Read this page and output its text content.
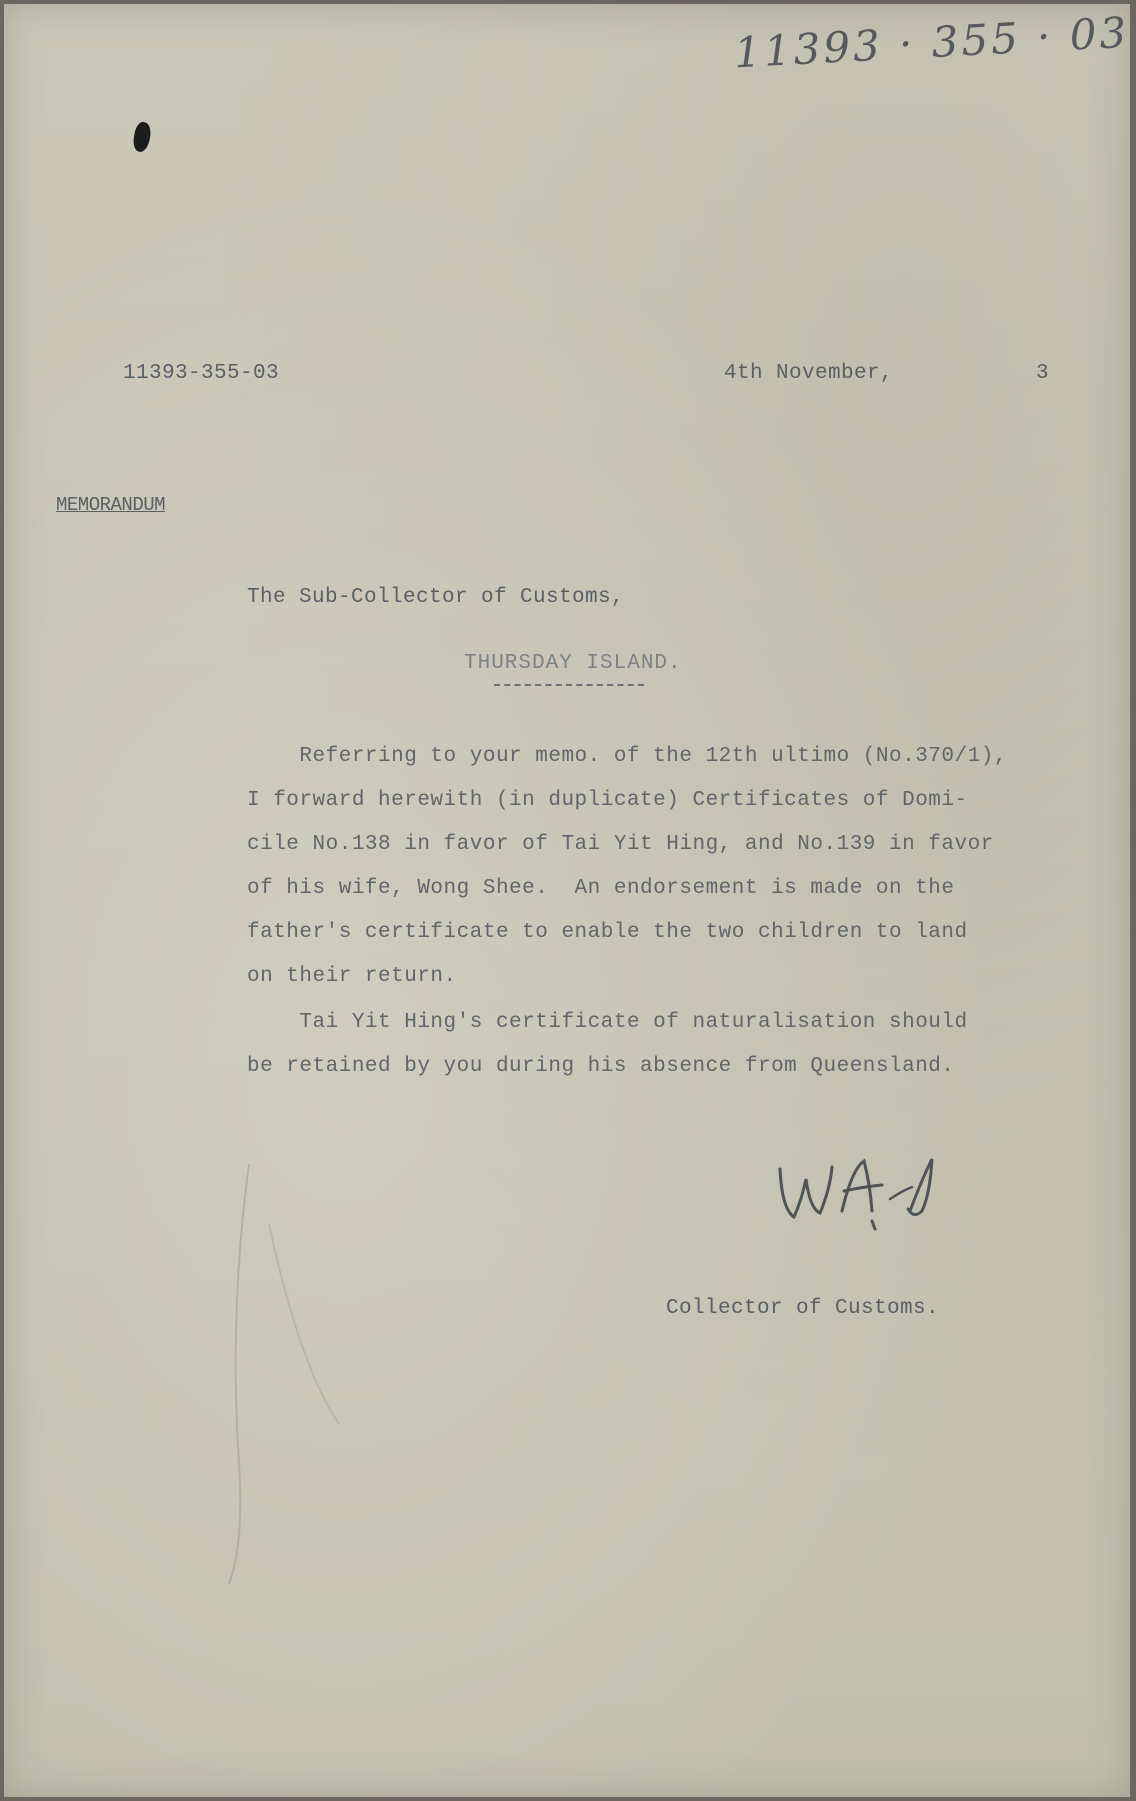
11393 · 355 · 03
11393-355-03	4th November,	3
MEMORANDUM
The Sub-Collector of Customs,
THURSDAY ISLAND.
Referring to your memo. of the 12th ultimo (No.370/1),
I forward herewith (in duplicate) Certificates of Domi-
cile No.138 in favor of Tai Yit Hing, and No.139 in favor
of his wife, Wong Shee.  An endorsement is made on the
father's certificate to enable the two children to land
on their return.
Tai Yit Hing's certificate of naturalisation should
be retained by you during his absence from Queensland.
Collector of Customs.
